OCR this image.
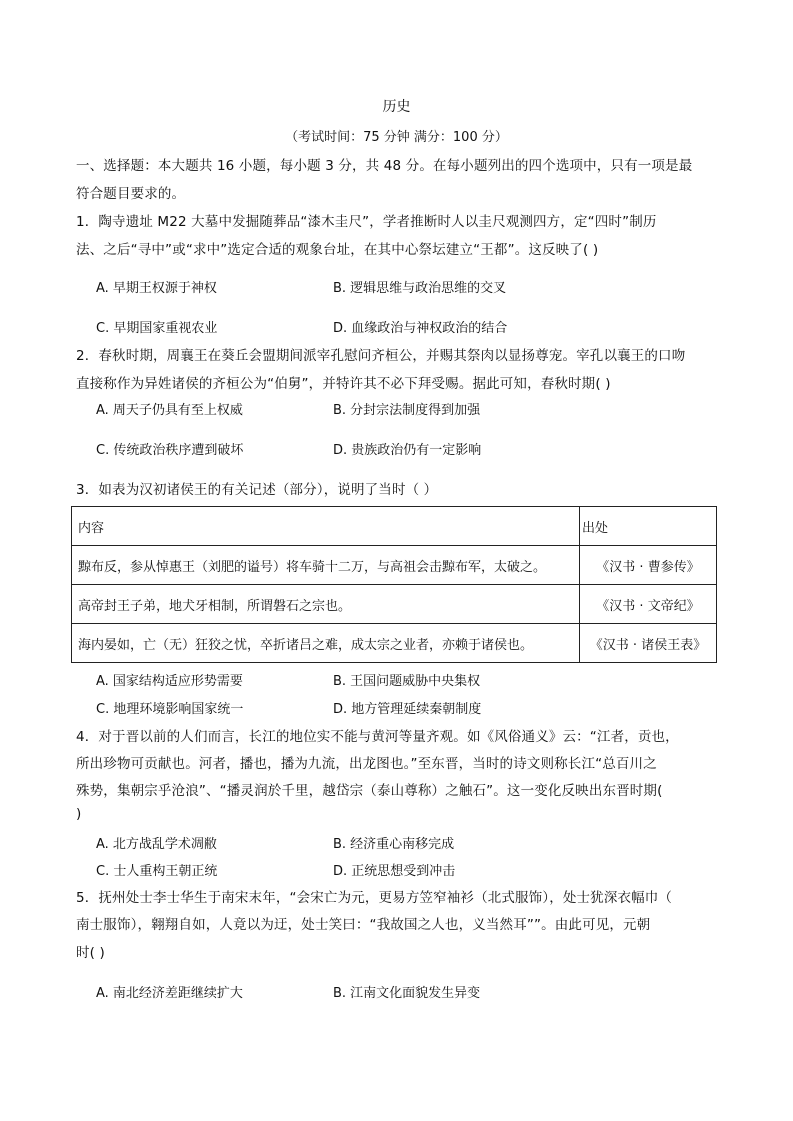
历史
（考试时间：75 分钟 满分：100 分）
一、选择题：本大题共 16 小题，每小题 3 分，共 48 分。在每小题列出的四个选项中，只有一项是最
符合题目要求的。
1．陶寺遗址 M22 大墓中发掘随葬品“漆木圭尺”，学者推断时人以圭尺观测四方，定“四时”制历
法、之后“寻中”或“求中”选定合适的观象台址，在其中心祭坛建立“王都”。这反映了( )
A. 早期王权源于神权	B. 逻辑思维与政治思维的交叉
C. 早期国家重视农业	D. 血缘政治与神权政治的结合
2．春秋时期，周襄王在葵丘会盟期间派宰孔慰问齐桓公，并赐其祭肉以显扬尊宠。宰孔以襄王的口吻
直接称作为异姓诸侯的齐桓公为“伯舅”，并特许其不必下拜受赐。据此可知，春秋时期( )
A. 周天子仍具有至上权威	B. 分封宗法制度得到加强
C. 传统政治秩序遭到破坏	D. 贵族政治仍有一定影响
3．如表为汉初诸侯王的有关记述（部分），说明了当时（ ）
内容	出处
黥布反，参从悼惠王（刘肥的谥号）将车骑十二万，与高祖会击黥布军，太破之。	《汉书 · 曹参传》
高帝封王子弟，地犬牙相制，所谓磐石之宗也。	《汉书 · 文帝纪》
海内晏如，亡（无）狂狡之忧，卒折诸吕之难，成太宗之业者，亦赖于诸侯也。	《汉书 · 诸侯王表》
A. 国家结构适应形势需要	B. 王国问题威胁中央集权
C. 地理环境影响国家统一	D. 地方管理延续秦朝制度
4．对于晋以前的人们而言，长江的地位实不能与黄河等量齐观。如《风俗通义》云：“江者，贡也，
所出珍物可贡献也。河者，播也，播为九流，出龙图也。”至东晋，当时的诗文则称长江“总百川之
殊势，集朝宗乎沧浪”、“播灵润於千里，越岱宗（泰山尊称）之触石”。这一变化反映出东晋时期(
)
A. 北方战乱学术凋敝	B. 经济重心南移完成
C. 士人重构王朝正统	D. 正统思想受到冲击
5．抚州处士李士华生于南宋末年，“会宋亡为元，更易方笠窄袖衫（北式服饰），处士犹深衣幅巾（
南士服饰），翱翔自如，人竟以为迂，处士笑曰：“我故国之人也，义当然耳””。由此可见，元朝
时( )
A. 南北经济差距继续扩大	B. 江南文化面貌发生异变
